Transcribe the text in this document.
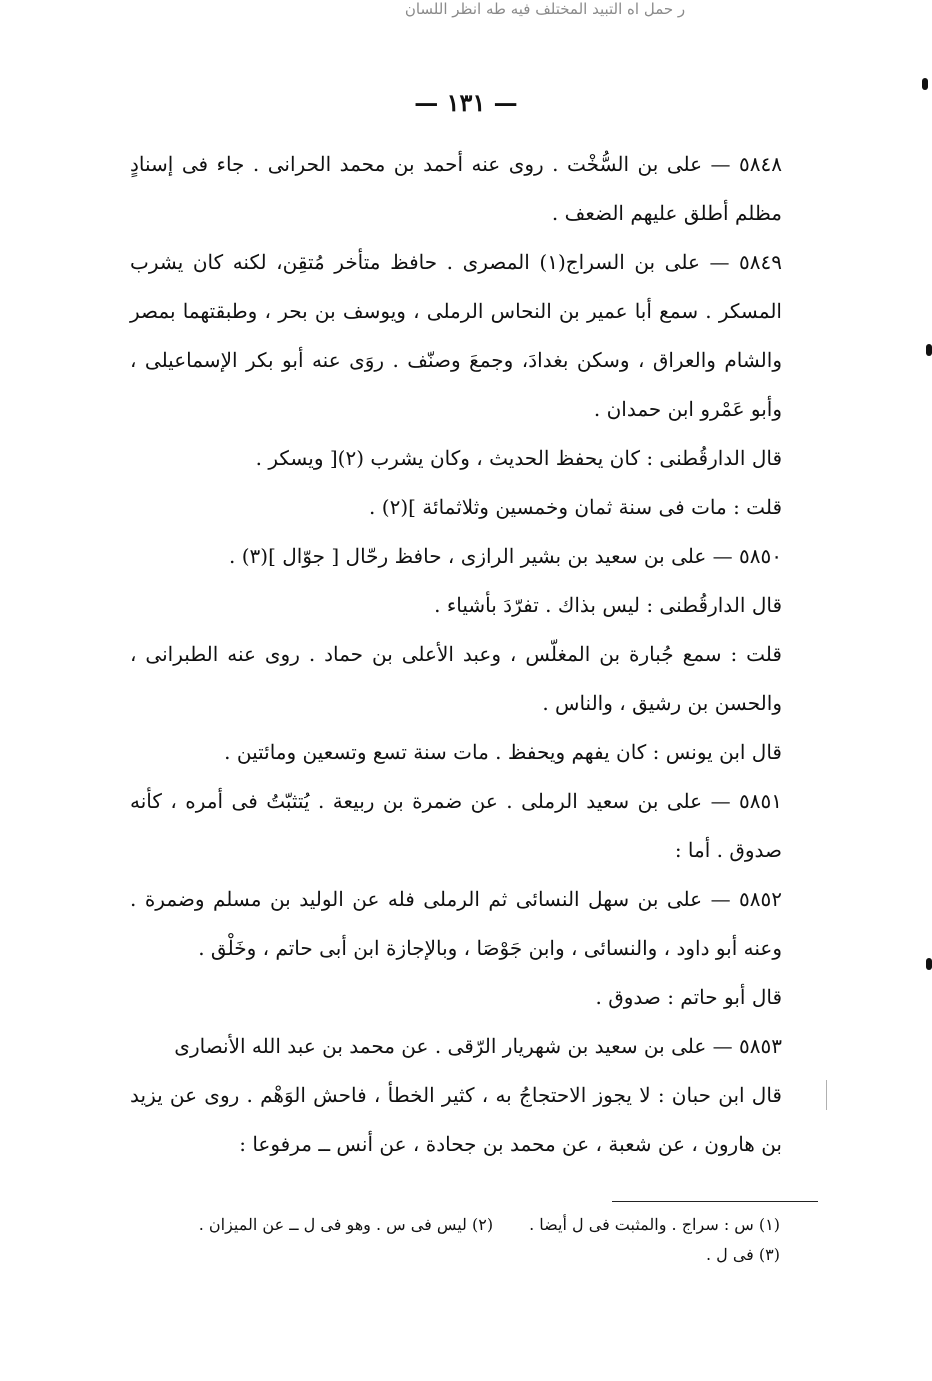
ر حمل اه التبيد المختلف فيه طه انظر اللسان
— ١٣١ —

٥٨٤٨ — على بن السُّخْت . روى عنه أحمد بن محمد الحرانى . جاء فى إسنادٍ مظلم أطلق عليهم الضعف .

٥٨٤٩ — على بن السراج(١) المصرى . حافظ متأخر مُتقِن، لكنه كان يشرب المسكر . سمع أبا عمير بن النحاس الرملى ، ويوسف بن بحر ، وطبقتهما بمصر والشام والعراق ، وسكن بغدادَ، وجمعَ وصنّف . روَى عنه أبو بكر الإسماعيلى ، وأبو عَمْرو ابن حمدان .

قال الدارقُطنى : كان يحفظ الحديث ، وكان يشرب (٢)[ ويسكر .

قلت : مات فى سنة ثمان وخمسين وثلاثمائة ](٢) .

٥٨٥٠ — على بن سعيد بن بشير الرازى ، حافظ رحّال [ جوّال ](٣) .

قال الدارقُطنى : ليس بذاك . تفرّدَ بأشياء .

قلت : سمع جُبارة بن المغلّس ، وعبد الأعلى بن حماد . روى عنه الطبرانى ، والحسن بن رشيق ، والناس .

قال ابن يونس : كان يفهم ويحفظ . مات سنة تسع وتسعين ومائتين .

٥٨٥١ — على بن سعيد الرملى . عن ضمرة بن ربيعة . يُتثبّتُ فى أمره ، كأنه صدوق . أما :

٥٨٥٢ — على بن سهل النسائى ثم الرملى فله عن الوليد بن مسلم وضمرة . وعنه أبو داود ، والنسائى ، وابن جَوْصَا ، وبالإجازة ابن أبى حاتم ، وخَلْق .

قال أبو حاتم : صدوق .

٥٨٥٣ — على بن سعيد بن شهريار الرّقى . عن محمد بن عبد الله الأنصارى

قال ابن حبان : لا يجوز الاحتجاجُ به ، كثير الخطأ ، فاحش الوَهْم . روى عن يزيد بن هارون ، عن شعبة ، عن محمد بن جحادة ، عن أنس ــ مرفوعا :

(١) س : سراج . والمثبت فى ل أيضا .(٢) ليس فى س . وهو فى ل ــ عن الميزان .

(٣) فى ل .
